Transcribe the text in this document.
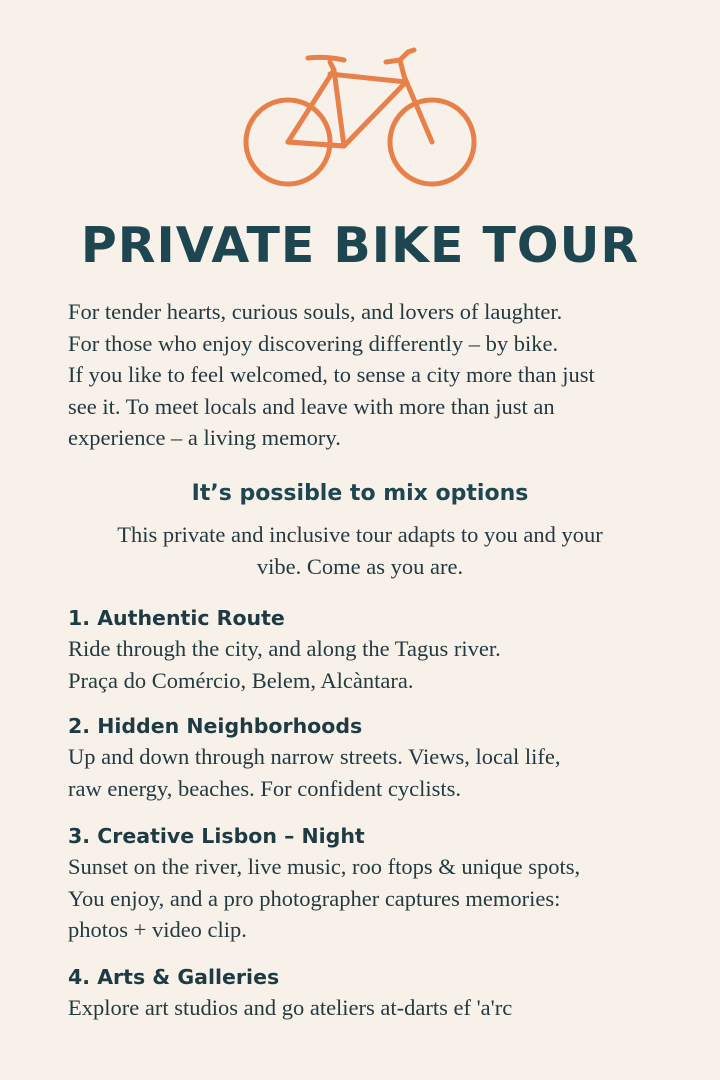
PRIVATE BIKE TOUR
For tender hearts, curious souls, and lovers of laughter.
For those who enjoy discovering differently – by bike.
If you like to feel welcomed, to sense a city more than just
see it. To meet locals and leave with more than just an
experience – a living memory.
It’s possible to mix options
This private and inclusive tour adapts to you and your
vibe. Come as you are.
1. Authentic Route
Ride through the city, and along the Tagus river.
Praça do Comércio, Belem, Alcàntara.
2. Hidden Neighborhoods
Up and down through narrow streets. Views, local life,
raw energy, beaches. For confident cyclists.
3. Creative Lisbon – Night
Sunset on the river, live music, roo ftops & unique spots,
You enjoy, and a pro photographer captures memories:
photos + video clip.
4. Arts & Galleries
Explore art studios and go ateliers at-darts ef 'a'rc
